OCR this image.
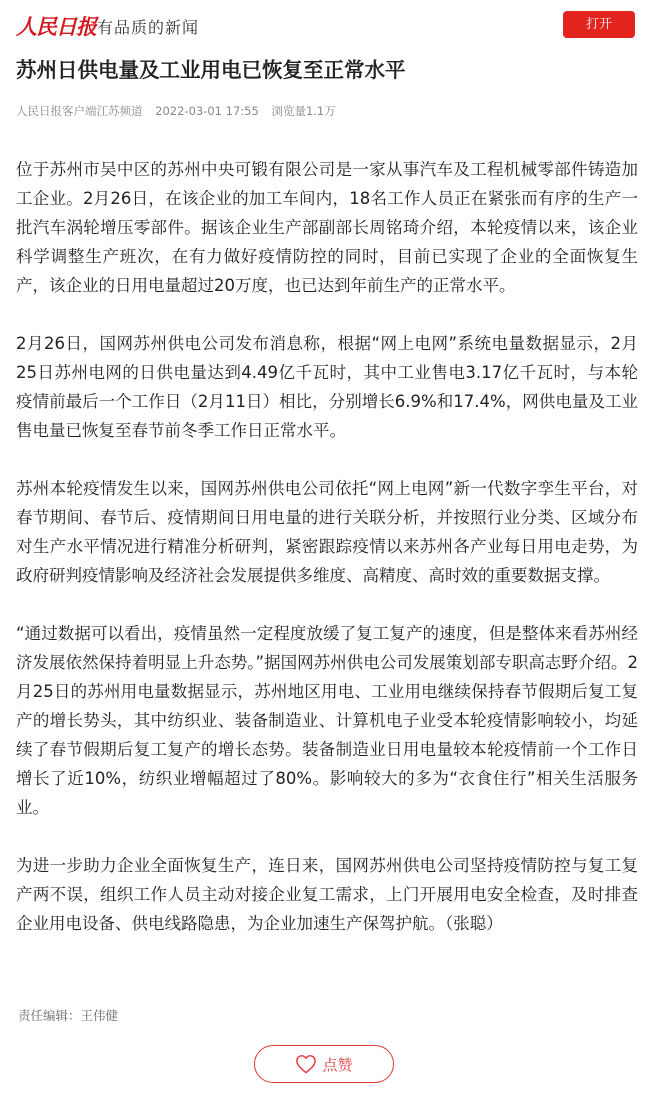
人民日报 有品质的新闻	打开
苏州日供电量及工业用电已恢复至正常水平
人民日报客户端江苏频道 2022-03-01 17:55 浏览量1.1万

位于苏州市吴中区的苏州中央可锻有限公司是一家从事汽车及工程机械零部件铸造加工企业。2月26日，在该企业的加工车间内，18名工作人员正在紧张而有序的生产一批汽车涡轮增压零部件。据该企业生产部副部长周铭琦介绍，本轮疫情以来，该企业科学调整生产班次，在有力做好疫情防控的同时，目前已实现了企业的全面恢复生产，该企业的日用电量超过20万度，也已达到年前生产的正常水平。

2月26日，国网苏州供电公司发布消息称，根据“网上电网”系统电量数据显示，2月25日苏州电网的日供电量达到4.49亿千瓦时，其中工业售电3.17亿千瓦时，与本轮疫情前最后一个工作日（2月11日）相比，分别增长6.9%和17.4%，网供电量及工业售电量已恢复至春节前冬季工作日正常水平。

苏州本轮疫情发生以来，国网苏州供电公司依托“网上电网”新一代数字孪生平台，对春节期间、春节后、疫情期间日用电量的进行关联分析，并按照行业分类、区域分布对生产水平情况进行精准分析研判，紧密跟踪疫情以来苏州各产业每日用电走势，为政府研判疫情影响及经济社会发展提供多维度、高精度、高时效的重要数据支撑。

“通过数据可以看出，疫情虽然一定程度放缓了复工复产的速度，但是整体来看苏州经济发展依然保持着明显上升态势。”据国网苏州供电公司发展策划部专职高志野介绍。2月25日的苏州用电量数据显示，苏州地区用电、工业用电继续保持春节假期后复工复产的增长势头，其中纺织业、装备制造业、计算机电子业受本轮疫情影响较小，均延续了春节假期后复工复产的增长态势。装备制造业日用电量较本轮疫情前一个工作日增长了近10%，纺织业增幅超过了80%。影响较大的多为“衣食住行”相关生活服务业。

为进一步助力企业全面恢复生产，连日来，国网苏州供电公司坚持疫情防控与复工复产两不误，组织工作人员主动对接企业复工需求，上门开展用电安全检查，及时排查企业用电设备、供电线路隐患，为企业加速生产保驾护航。（张聪）

责任编辑：王伟健
点赞
